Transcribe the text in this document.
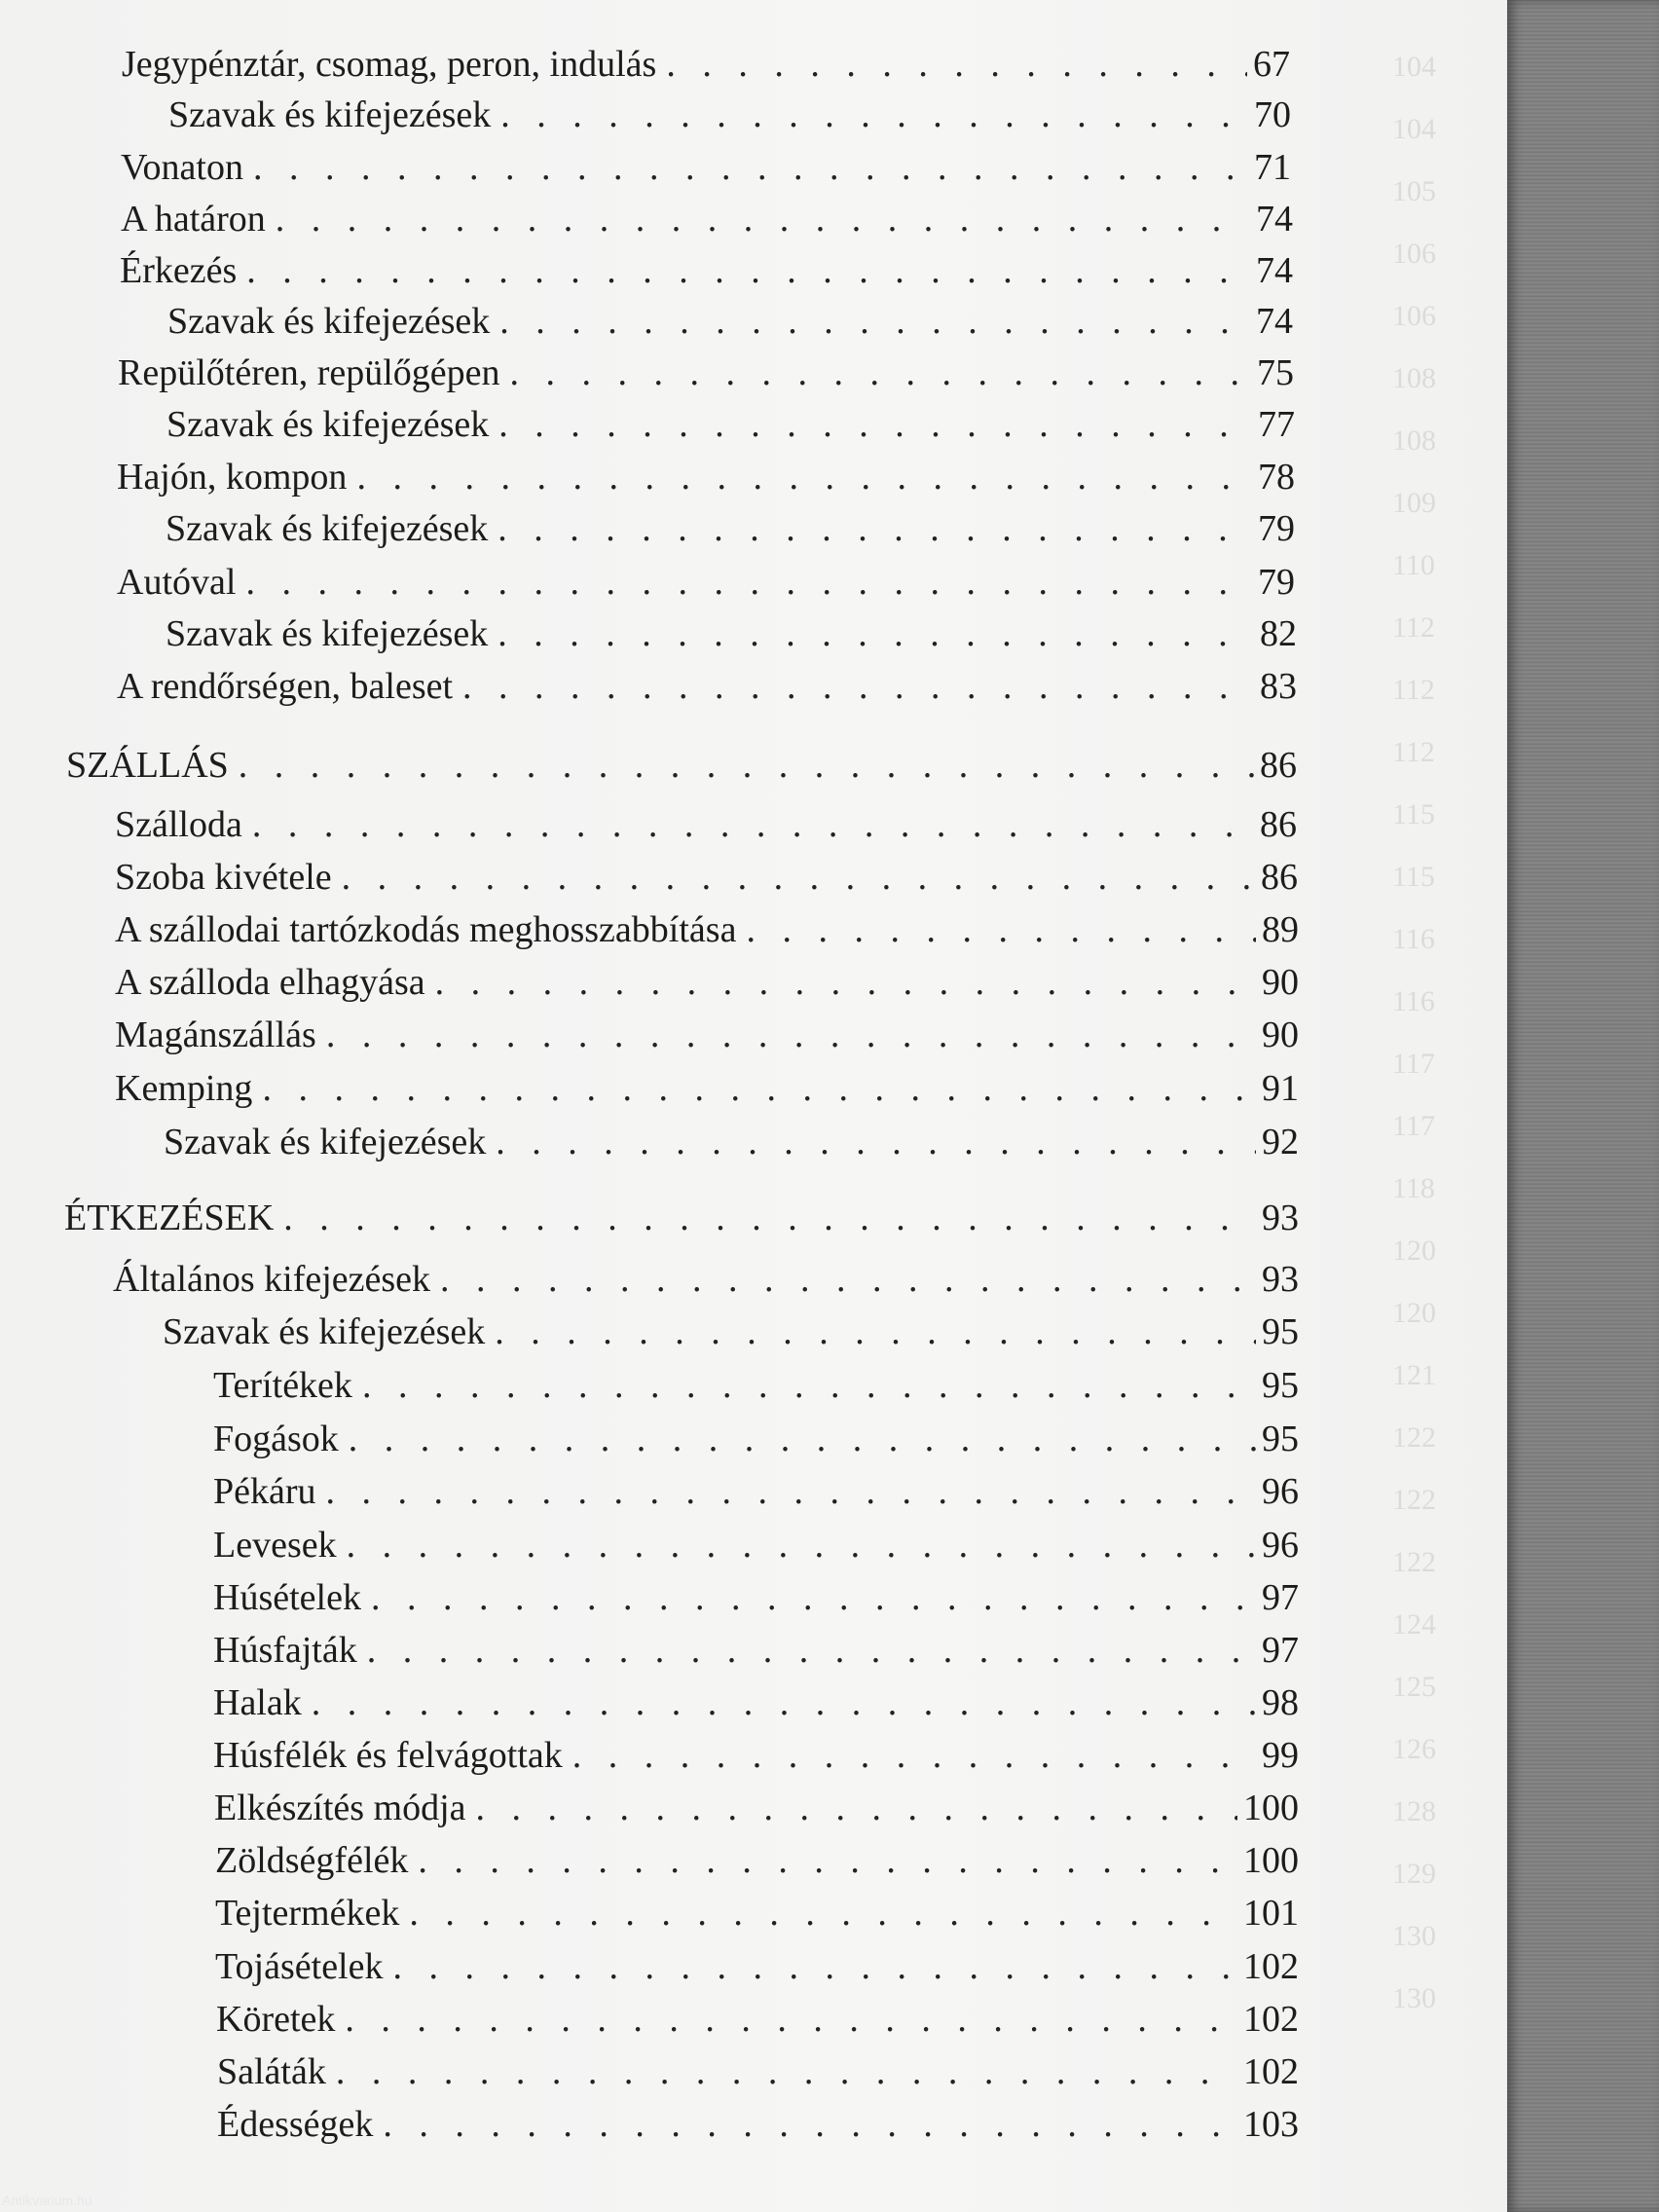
Jegypénztár, csomag, peron, indulás . . .	67
Szavak és kifejezések . . .	70
Vonaton . . .	71
A határon . . .	74
Érkezés . . .	74
Szavak és kifejezések . . .	74
Repülőtéren, repülőgépen . . .	75
Szavak és kifejezések . . .	77
Hajón, kompon . . .	78
Szavak és kifejezések . . .	79
Autóval . . .	79
Szavak és kifejezések . . .	82
A rendőrségen, baleset . . .	83
SZÁLLÁS . . .	86
Szálloda . . .	86
Szoba kivétele . . .	86
A szállodai tartózkodás meghosszabbítása . . .	89
A szálloda elhagyása . . .	90
Magánszállás . . .	90
Kemping . . .	91
Szavak és kifejezések . . .	92
ÉTKEZÉSEK . . .	93
Általános kifejezések . . .	93
Szavak és kifejezések . . .	95
Terítékek . . .	95
Fogások . . .	95
Pékáru . . .	96
Levesek . . .	96
Húsételek . . .	97
Húsfajták . . .	97
Halak . . .	98
Húsfélék és felvágottak . . .	99
Elkészítés módja . . .	100
Zöldségfélék . . .	100
Tejtermékek . . .	101
Tojásételek . . .	102
Köretek . . .	102
Saláták . . .	102
Édességek . . .	103
Antikvarium.hu
